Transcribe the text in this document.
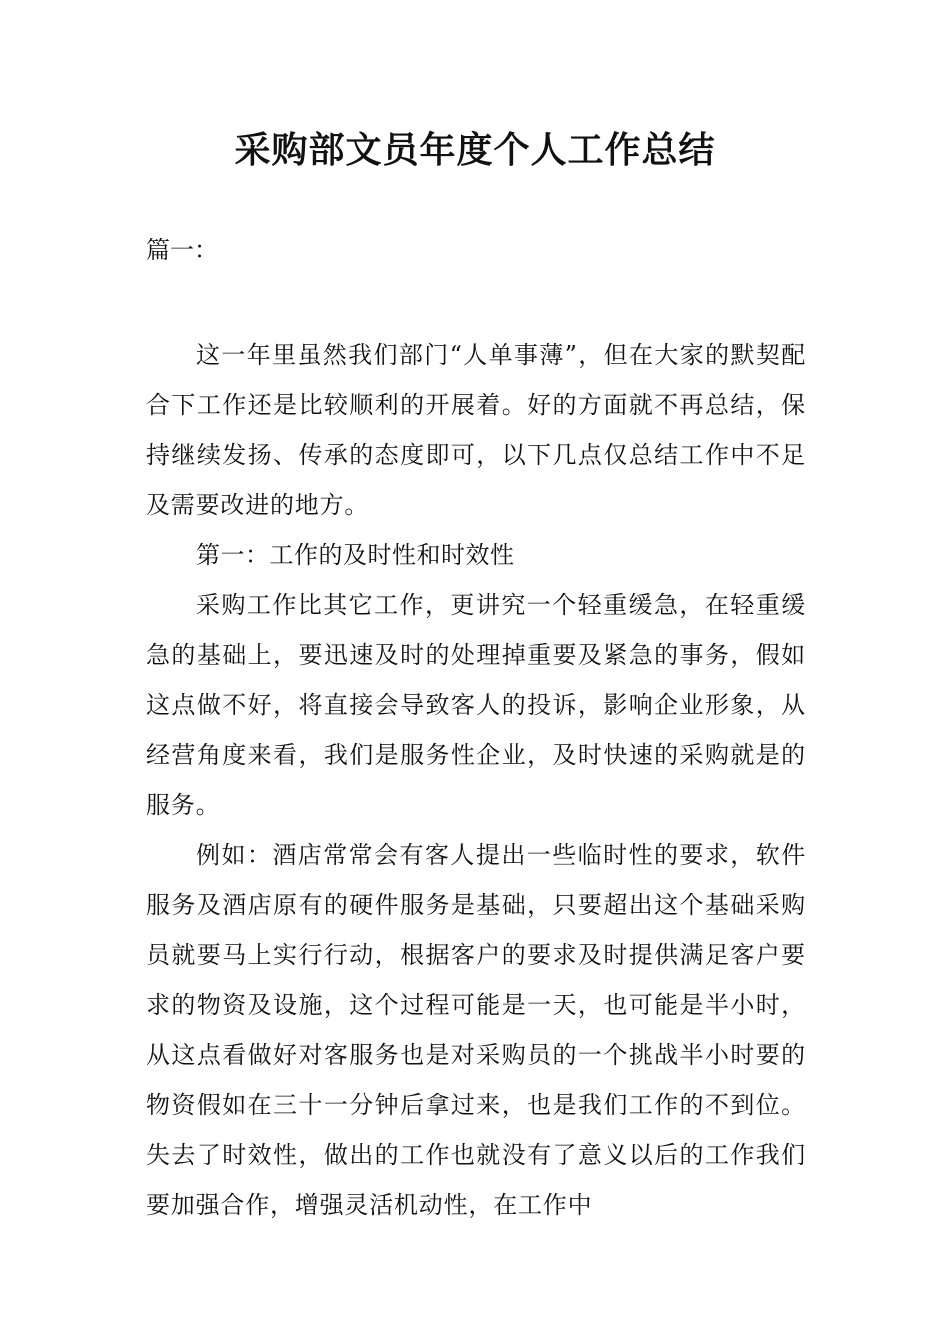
采购部文员年度个人工作总结

篇一：

这一年里虽然我们部门“人单事薄”，但在大家的默契配合下工作还是比较顺利的开展着。好的方面就不再总结，保持继续发扬、传承的态度即可，以下几点仅总结工作中不足及需要改进的地方。

第一：工作的及时性和时效性

采购工作比其它工作，更讲究一个轻重缓急，在轻重缓急的基础上，要迅速及时的处理掉重要及紧急的事务，假如这点做不好，将直接会导致客人的投诉，影响企业形象，从经营角度来看，我们是服务性企业，及时快速的采购就是的服务。

例如：酒店常常会有客人提出一些临时性的要求，软件服务及酒店原有的硬件服务是基础，只要超出这个基础采购员就要马上实行行动，根据客户的要求及时提供满足客户要求的物资及设施，这个过程可能是一天，也可能是半小时，从这点看做好对客服务也是对采购员的一个挑战半小时要的物资假如在三十一分钟后拿过来，也是我们工作的不到位。失去了时效性，做出的工作也就没有了意义以后的工作我们要加强合作，增强灵活机动性，在工作中
